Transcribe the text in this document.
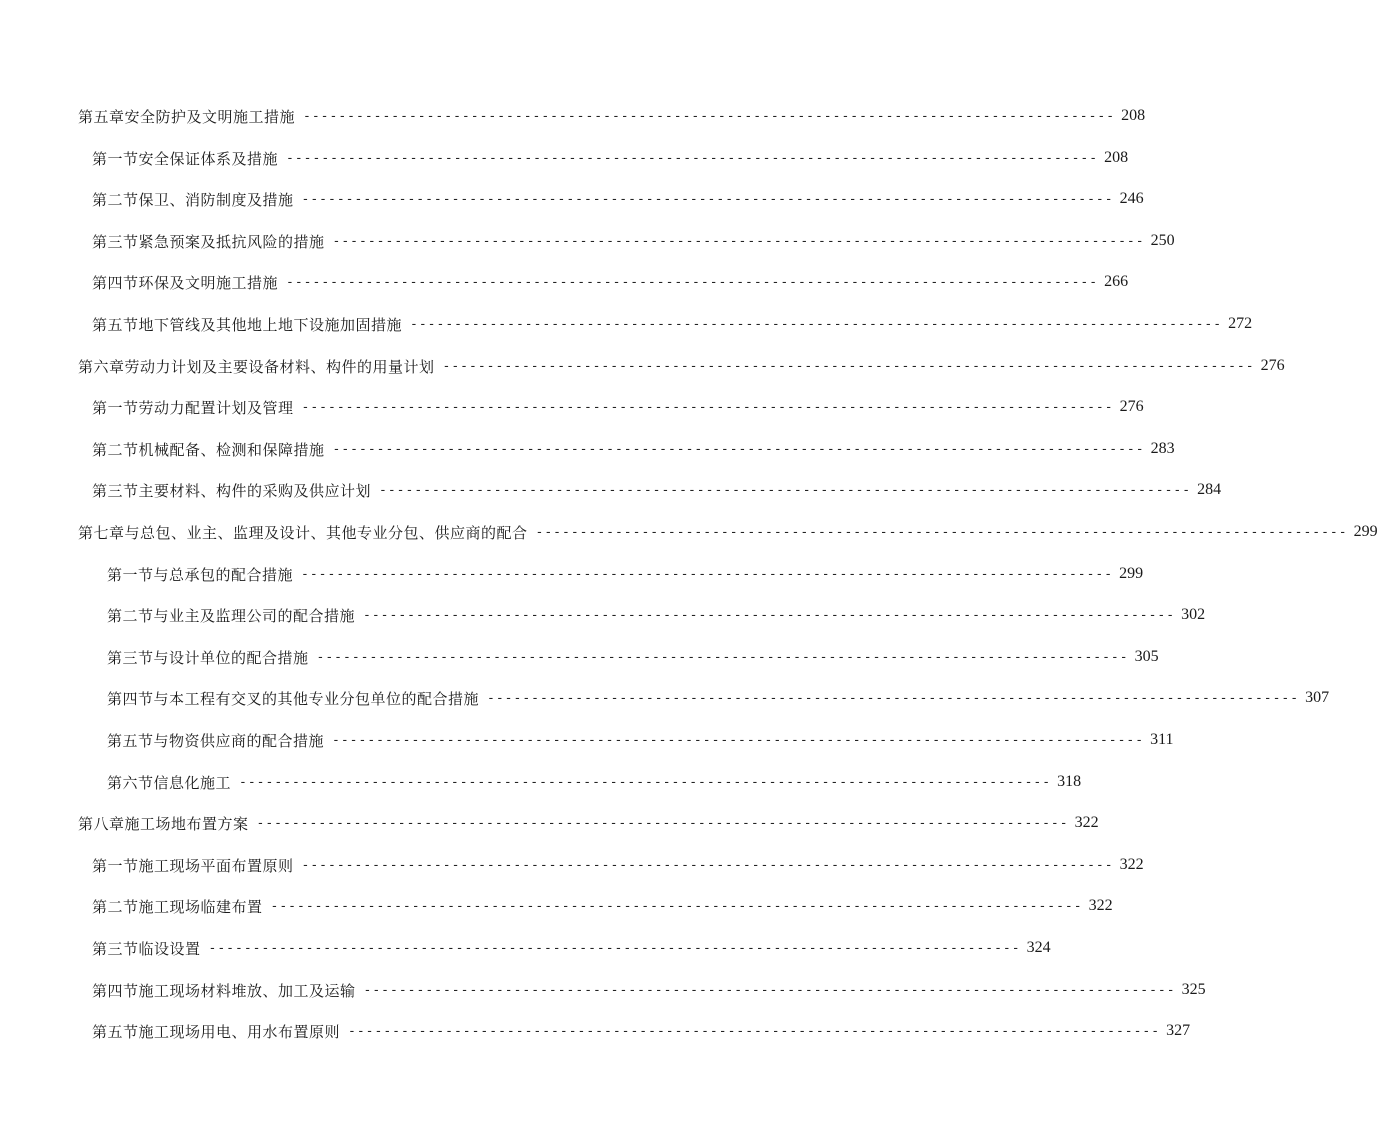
第五章 安全防护及文明施工措施 -------------------------------------------------------------------------------------------- 208
第一节 安全保证体系及措施 -------------------------------------------------------------------------------------------- 208
第二节 保卫、消防制度及措施 -------------------------------------------------------------------------------------------- 246
第三节 紧急预案及抵抗风险的措施 -------------------------------------------------------------------------------------------- 250
第四节 环保及文明施工措施 -------------------------------------------------------------------------------------------- 266
第五节 地下管线及其他地上地下设施加固措施 -------------------------------------------------------------------------------------------- 272
第六章 劳动力计划及主要设备材料、构件的用量计划 -------------------------------------------------------------------------------------------- 276
第一节 劳动力配置计划及管理 -------------------------------------------------------------------------------------------- 276
第二节 机械配备、检测和保障措施 -------------------------------------------------------------------------------------------- 283
第三节 主要材料、构件的采购及供应计划 -------------------------------------------------------------------------------------------- 284
第七章 与总包、业主、监理及设计、其他专业分包、供应商的配合 -------------------------------------------------------------------------------------------- 299
第一节 与总承包的配合措施 -------------------------------------------------------------------------------------------- 299
第二节 与业主及监理公司的配合措施 -------------------------------------------------------------------------------------------- 302
第三节 与设计单位的配合措施 -------------------------------------------------------------------------------------------- 305
第四节 与本工程有交叉的其他专业分包单位的配合措施 -------------------------------------------------------------------------------------------- 307
第五节 与物资供应商的配合措施 -------------------------------------------------------------------------------------------- 311
第六节 信息化施工 -------------------------------------------------------------------------------------------- 318
第八章 施工场地布置方案 -------------------------------------------------------------------------------------------- 322
第一节 施工现场平面布置原则 -------------------------------------------------------------------------------------------- 322
第二节 施工现场临建布置 -------------------------------------------------------------------------------------------- 322
第三节 临设设置 -------------------------------------------------------------------------------------------- 324
第四节 施工现场材料堆放、加工及运输 -------------------------------------------------------------------------------------------- 325
第五节 施工现场用电、用水布置原则 -------------------------------------------------------------------------------------------- 327
